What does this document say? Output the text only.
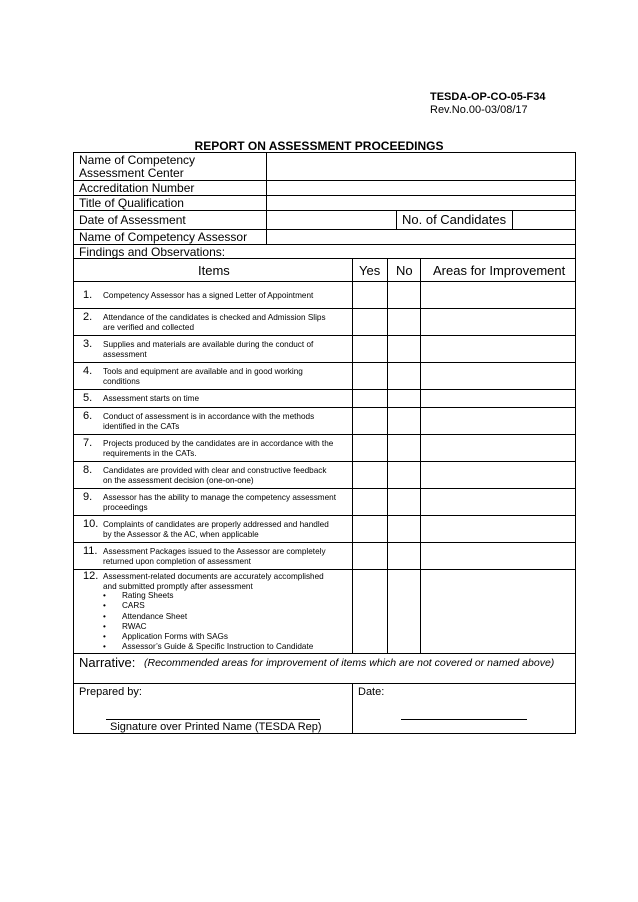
TESDA-OP-CO-05-F34
Rev.No.00-03/08/17
REPORT ON ASSESSMENT PROCEEDINGS
Name of Competency
Assessment Center
Accreditation Number
Title of Qualification
Date of Assessment	No. of Candidates
Name of Competency Assessor
Findings and Observations:
Items	Yes No Areas for Improvement
1. Competency Assessor has a signed Letter of Appointment
2. Attendance of the candidates is checked and Admission Slips
are verified and collected
3. Supplies and materials are available during the conduct of
assessment
4. Tools and equipment are available and in good working
conditions
5. Assessment starts on time
6. Conduct of assessment is in accordance with the methods
identified in the CATs
7. Projects produced by the candidates are in accordance with the
requirements in the CATs.
8. Candidates are provided with clear and constructive feedback
on the assessment decision (one-on-one)
9. Assessor has the ability to manage the competency assessment
proceedings
10. Complaints of candidates are properly addressed and handled
by the Assessor & the AC, when applicable
11. Assessment Packages issued to the Assessor are completely
returned upon completion of assessment
12. Assessment-related documents are accurately accomplished
and submitted promptly after assessment
• Rating Sheets
• CARS
• Attendance Sheet
• RWAC
• Application Forms with SAGs
• Assessor’s Guide & Specific Instruction to Candidate
Narrative: (Recommended areas for improvement of items which are not covered or named above)
Prepared by:	Date:
Signature over Printed Name (TESDA Rep)
